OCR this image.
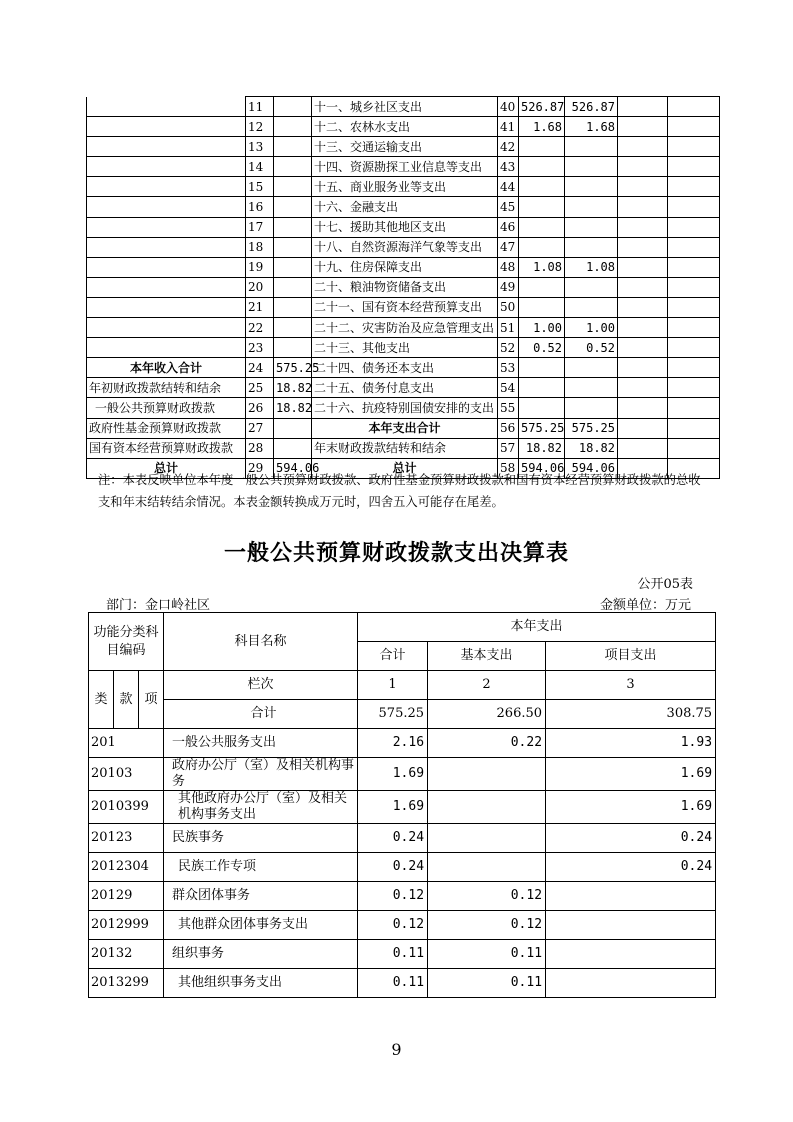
	11		十一、城乡社区支出	40	526.87	526.87		
	12		十二、农林水支出	41	1.68	1.68		
	13		十三、交通运输支出	42				
	14		十四、资源勘探工业信息等支出	43				
	15		十五、商业服务业等支出	44				
	16		十六、金融支出	45				
	17		十七、援助其他地区支出	46				
	18		十八、自然资源海洋气象等支出	47				
	19		十九、住房保障支出	48	1.08	1.08		
	20		二十、粮油物资储备支出	49				
	21		二十一、国有资本经营预算支出	50				
	22		二十二、灾害防治及应急管理支出	51	1.00	1.00		
	23		二十三、其他支出	52	0.52	0.52		
本年收入合计	24	575.25	二十四、债务还本支出	53				
年初财政拨款结转和结余	25	18.82	二十五、债务付息支出	54				
一般公共预算财政拨款	26	18.82	二十六、抗疫特别国债安排的支出	55				
政府性基金预算财政拨款	27		本年支出合计	56	575.25	575.25		
国有资本经营预算财政拨款	28		年末财政拨款结转和结余	57	18.82	18.82		
总计	29	594.06	总计	58	594.06	594.06		
注：本表反映单位本年度一般公共预算财政拨款、政府性基金预算财政拨款和国有资本经营预算财政拨款的总收支和年末结转结余情况。本表金额转换成万元时，四舍五入可能存在尾差。
一般公共预算财政拨款支出决算表
公开05表
部门：金口岭社区	金额单位：万元
功能分类科目编码			科目名称	本年支出		
				合计	基本支出	项目支出
类	款	项	栏次	1	2	3
			合计	575.25	266.50	308.75
201			一般公共服务支出	2.16	0.22	1.93
20103			政府办公厅（室）及相关机构事务	1.69		1.69
2010399			其他政府办公厅（室）及相关机构事务支出	1.69		1.69
20123			民族事务	0.24		0.24
2012304			民族工作专项	0.24		0.24
20129			群众团体事务	0.12	0.12	
2012999			其他群众团体事务支出	0.12	0.12	
20132			组织事务	0.11	0.11	
2013299			其他组织事务支出	0.11	0.11	
9
